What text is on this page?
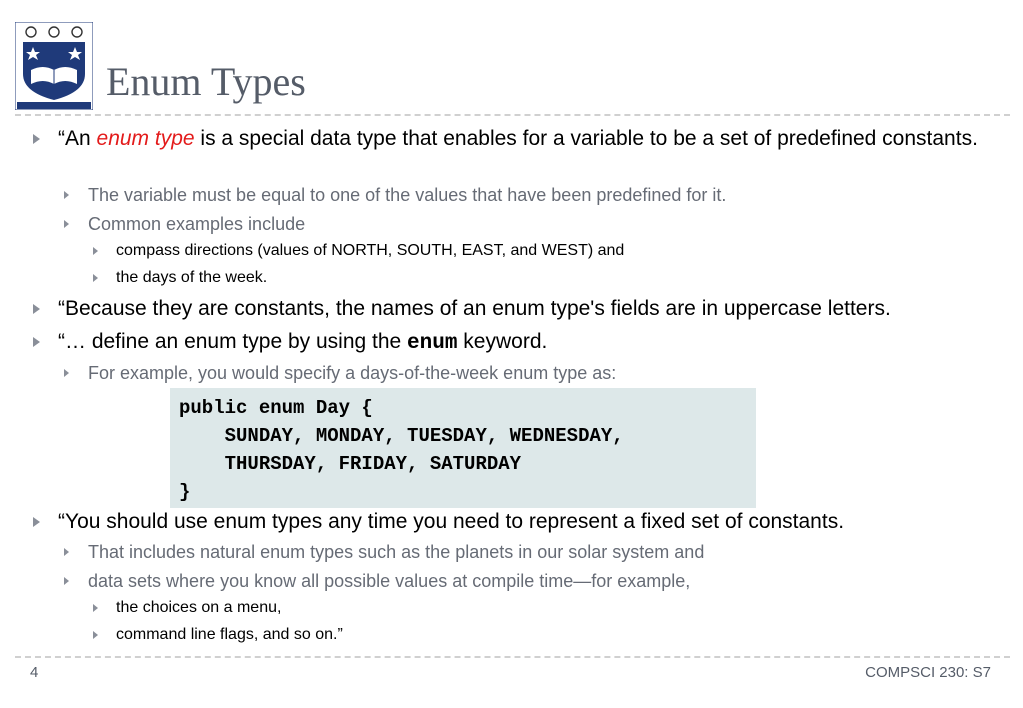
Enum Types
“An enum type is a special data type that enables for a variable to be a set of predefined constants.
The variable must be equal to one of the values that have been predefined for it.
Common examples include
compass directions (values of NORTH, SOUTH, EAST, and WEST) and
the days of the week.
“Because they are constants, the names of an enum type's fields are in uppercase letters.
“… define an enum type by using the enum keyword.
For example, you would specify a days-of-the-week enum type as:

public enum Day {

SUNDAY, MONDAY, TUESDAY, WEDNESDAY,

THURSDAY, FRIDAY, SATURDAY

}

“You should use enum types any time you need to represent a fixed set of constants.
That includes natural enum types such as the planets in our solar system and
data sets where you know all possible values at compile time—for example,
the choices on a menu,
command line flags, and so on.”
4	COMPSCI 230: S7
